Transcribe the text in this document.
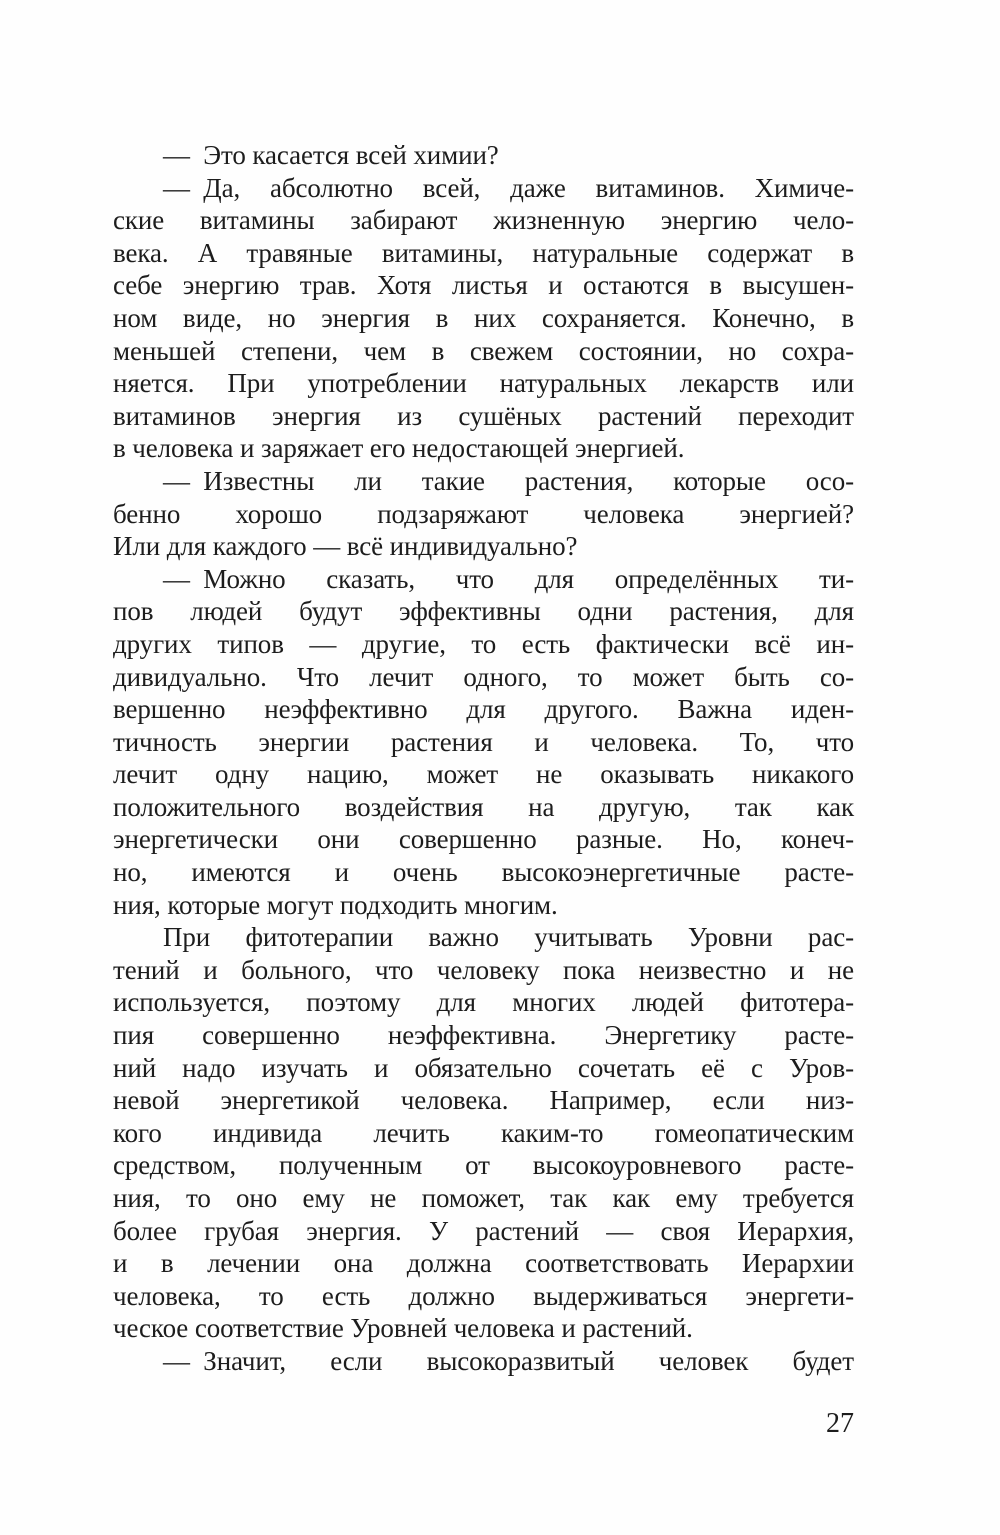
— Это касается всей химии?
— Да, абсолютно всей, даже витаминов. Химиче-
ские витамины забирают жизненную энергию чело-
века. А травяные витамины, натуральные содержат в
себе энергию трав. Хотя листья и остаются в высушен-
ном виде, но энергия в них сохраняется. Конечно, в
меньшей степени, чем в свежем состоянии, но сохра-
няется. При употреблении натуральных лекарств или
витаминов энергия из сушёных растений переходит
в человека и заряжает его недостающей энергией.
— Известны ли такие растения, которые осо-
бенно хорошо подзаряжают человека энергией?
Или для каждого — всё индивидуально?
— Можно сказать, что для определённых ти-
пов людей будут эффективны одни растения, для
других типов — другие, то есть фактически всё ин-
дивидуально. Что лечит одного, то может быть со-
вершенно неэффективно для другого. Важна иден-
тичность энергии растения и человека. То, что
лечит одну нацию, может не оказывать никакого
положительного воздействия на другую, так как
энергетически они совершенно разные. Но, конеч-
но, имеются и очень высокоэнергетичные расте-
ния, которые могут подходить многим.
При фитотерапии важно учитывать Уровни рас-
тений и больного, что человеку пока неизвестно и не
используется, поэтому для многих людей фитотера-
пия совершенно неэффективна. Энергетику расте-
ний надо изучать и обязательно сочетать её с Уров-
невой энергетикой человека. Например, если низ-
кого индивида лечить каким-то гомеопатическим
средством, полученным от высокоуровневого расте-
ния, то оно ему не поможет, так как ему требуется
более грубая энергия. У растений — своя Иерархия,
и в лечении она должна соответствовать Иерархии
человека, то есть должно выдерживаться энергети-
ческое соответствие Уровней человека и растений.
— Значит, если высокоразвитый человек будет
27
